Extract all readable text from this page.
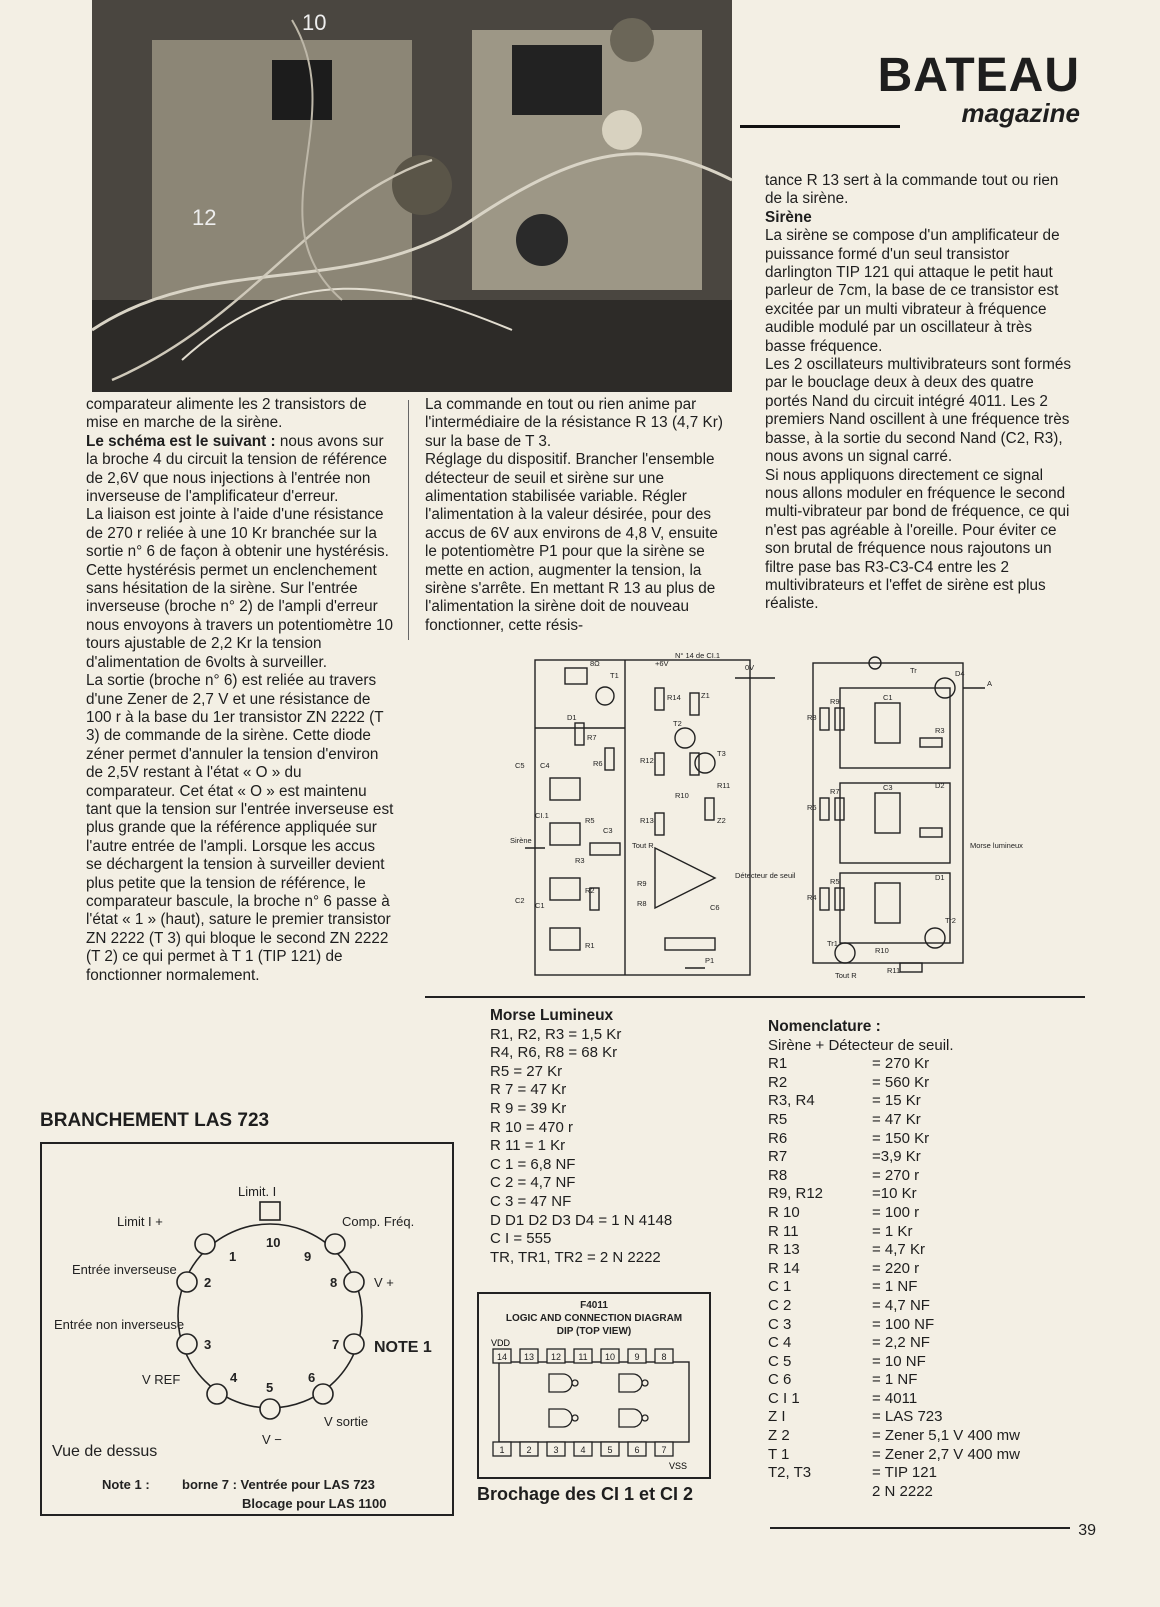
10
12
BATEAU
magazine

comparateur alimente les 2 transistors de mise en marche de la sirène.

Le schéma est le suivant : nous avons sur la broche 4 du circuit la tension de référence de 2,6V que nous injections à l'entrée non inverseuse de l'amplificateur d'erreur.

La liaison est jointe à l'aide d'une résistance de 270 r reliée à une 10 Kr branchée sur la sortie n° 6 de façon à obtenir une hystérésis.

Cette hystérésis permet un enclenchement sans hésitation de la sirène. Sur l'entrée inverseuse (broche n° 2) de l'ampli d'erreur nous envoyons à travers un potentiomètre 10 tours ajustable de 2,2 Kr la tension d'alimentation de 6volts à surveiller.

La sortie (broche n° 6) est reliée au travers d'une Zener de 2,7 V et une résistance de 100 r à la base du 1er transistor ZN 2222 (T 3) de commande de la sirène. Cette diode zéner permet d'annuler la tension d'environ de 2,5V restant à l'état « O » du comparateur. Cet état « O » est maintenu tant que la tension sur l'entrée inverseuse est plus grande que la référence appliquée sur l'autre entrée de l'ampli. Lorsque les accus se déchargent la tension à surveiller devient plus petite que la tension de référence, le comparateur bascule, la broche n° 6 passe à l'état « 1 » (haut), sature le premier transistor ZN 2222 (T 3) qui bloque le second ZN 2222 (T 2) ce qui permet à T 1 (TIP 121) de fonctionner normalement.

La commande en tout ou rien anime par l'intermédiaire de la résistance R 13 (4,7 Kr) sur la base de T 3.

Réglage du dispositif. Brancher l'ensemble détecteur de seuil et sirène sur une alimentation stabilisée variable. Régler l'alimentation à la valeur désirée, pour des accus de 6V aux environs de 4,8 V, ensuite le potentiomètre P1 pour que la sirène se mette en action, augmenter la tension, la sirène s'arrête. En mettant R 13 au plus de l'alimentation la sirène doit de nouveau fonctionner, cette résis-

tance R 13 sert à la commande tout ou rien de la sirène.

Sirène

La sirène se compose d'un amplificateur de puissance formé d'un seul transistor darlington TIP 121 qui attaque le petit haut parleur de 7cm, la base de ce transistor est excitée par un multi vibrateur à fréquence audible modulé par un oscillateur à très basse fréquence.

Les 2 oscillateurs multivibrateurs sont formés par le bouclage deux à deux des quatre portés Nand du circuit intégré 4011. Les 2 premiers Nand oscillent à une fréquence très basse, à la sortie du second Nand (C2, R3), nous avons un signal carré.

Si nous appliquons directement ce signal nous allons moduler en fréquence le second multi-vibrateur par bond de fréquence, ce qui n'est pas agréable à l'oreille. Pour éviter ce son brutal de fréquence nous rajoutons un filtre pase bas R3-C3-C4 entre les 2 multivibrateurs et l'effet de sirène est plus réaliste.

+6V	0V
T1
8Ω
D1
R7
R6
R5
R3
R2
R1
C5 C4
C3
C2
C1
CI.1
R14	Z1
T2
T3
R12
R13
R10
R11
Z2
R9
R8
P1
C6
Tout R
N° 14 de CI.1
Sirène
Détecteur de seuil
Tr	D4
A
R8
R9	C1
R3
R6
R7	C3	D2
R4
R5	D1
Tr2
Tr1
R10
R11
Tout R
Morse lumineux
Morse Lumineux
R1, R2, R3 = 1,5 Kr
R4, R6, R8 = 68 Kr
R5 = 27 Kr
R 7 = 47 Kr
R 9 = 39 Kr
R 10 = 470 r
R 11 = 1 Kr
C 1 = 6,8 NF
C 2 = 4,7 NF
C 3 = 47 NF
D D1 D2 D3 D4 = 1 N 4148
C I = 555
TR, TR1, TR2 = 2 N 2222
Nomenclature :
Sirène + Détecteur de seuil.
R1	= 270 Kr
R2	= 560 Kr
R3, R4	= 15 Kr
R5	= 47 Kr
R6	= 150 Kr
R7	=3,9 Kr
R8	= 270 r
R9, R12	=10 Kr
R 10	= 100 r
R 11	= 1 Kr
R 13	= 4,7 Kr
R 14	= 220 r
C 1	= 1 NF
C 2	= 4,7 NF
C 3	= 100 NF
C 4	= 2,2 NF
C 5	= 10 NF
C 6	= 1 NF
C I 1	= 4011
Z I	= LAS 723
Z 2	= Zener 5,1 V 400 mw
T 1	= Zener 2,7 V 400 mw
T2, T3	= TIP 121
2 N 2222
BRANCHEMENT LAS 723
Limit. I
10
Limit I +
1
Comp. Fréq.
9
Entrée inverseuse
2	V +
8
Entrée non inverseuse
3	NOTE 1
7
V REF	4
V −
5
V sortie
6
Vue de dessus
Note 1 : borne 7 : Ventrée pour LAS 723
Blocage pour LAS 1100
F4011
LOGIC AND CONNECTION DIAGRAM
DIP (TOP VIEW)
VDD
VSS
14 13 12 11 10 9 8
1 2 3 4 5 6 7
Brochage des CI 1 et CI 2
39
